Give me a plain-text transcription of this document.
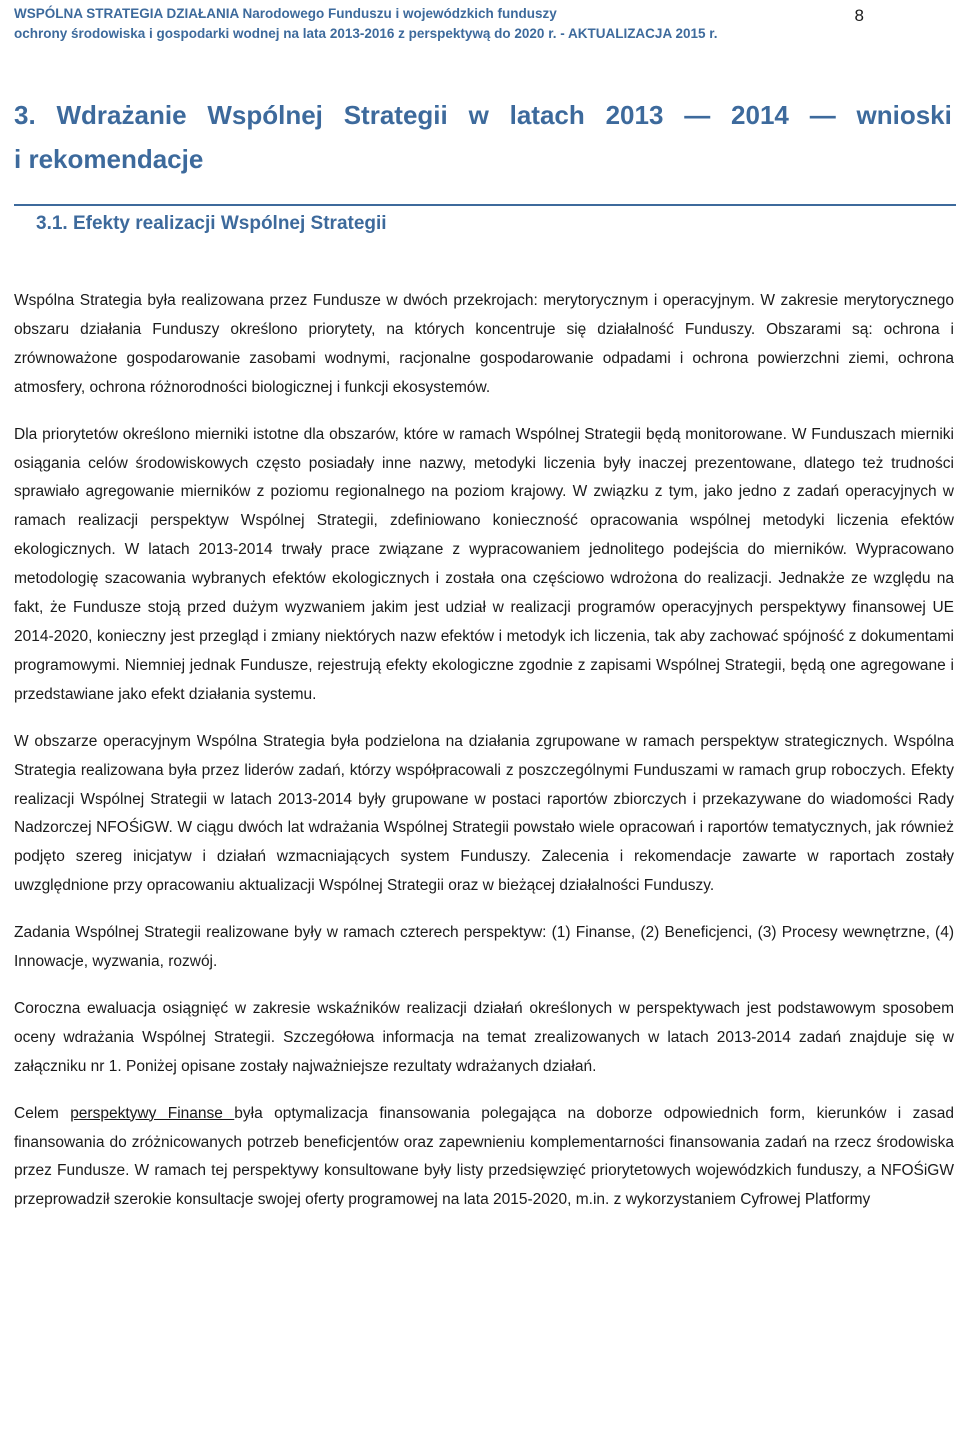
WSPÓLNA STRATEGIA DZIAŁANIA Narodowego Funduszu i wojewódzkich funduszy
ochrony środowiska i gospodarki wodnej na lata 2013-2016 z perspektywą do 2020 r. - AKTUALIZACJA 2015 r.
8
3. Wdrażanie Wspólnej Strategii w latach 2013 — 2014 — wnioski
i rekomendacje
3.1. Efekty realizacji Wspólnej Strategii

Wspólna Strategia była realizowana przez Fundusze w dwóch przekrojach: merytorycznym i operacyjnym. W zakresie merytorycznego obszaru działania Funduszy określono priorytety, na których koncentruje się działalność Funduszy. Obszarami są: ochrona i zrównoważone gospodarowanie zasobami wodnymi, racjonalne gospodarowanie odpadami i ochrona powierzchni ziemi, ochrona atmosfery, ochrona różnorodności biologicznej i funkcji ekosystemów.

Dla priorytetów określono mierniki istotne dla obszarów, które w ramach Wspólnej Strategii będą monitorowane. W Funduszach mierniki osiągania celów środowiskowych często posiadały inne nazwy, metodyki liczenia były inaczej prezentowane, dlatego też trudności sprawiało agregowanie mierników z poziomu regionalnego na poziom krajowy. W związku z tym, jako jedno z zadań operacyjnych w ramach realizacji perspektyw Wspólnej Strategii, zdefiniowano konieczność opracowania wspólnej metodyki liczenia efektów ekologicznych. W latach 2013-2014 trwały prace związane z wypracowaniem jednolitego podejścia do mierników. Wypracowano metodologię szacowania wybranych efektów ekologicznych i została ona częściowo wdrożona do realizacji. Jednakże ze względu na fakt, że Fundusze stoją przed dużym wyzwaniem jakim jest udział w realizacji programów operacyjnych perspektywy finansowej UE 2014-2020, konieczny jest przegląd i zmiany niektórych nazw efektów i metodyk ich liczenia, tak aby zachować spójność z dokumentami programowymi. Niemniej jednak Fundusze, rejestrują efekty ekologiczne zgodnie z zapisami Wspólnej Strategii, będą one agregowane i przedstawiane jako efekt działania systemu.

W obszarze operacyjnym Wspólna Strategia była podzielona na działania zgrupowane w ramach perspektyw strategicznych. Wspólna Strategia realizowana była przez liderów zadań, którzy współpracowali z poszczególnymi Funduszami w ramach grup roboczych. Efekty realizacji Wspólnej Strategii w latach 2013-2014 były grupowane w postaci raportów zbiorczych i przekazywane do wiadomości Rady Nadzorczej NFOŚiGW. W ciągu dwóch lat wdrażania Wspólnej Strategii powstało wiele opracowań i raportów tematycznych, jak również podjęto szereg inicjatyw i działań wzmacniających system Funduszy. Zalecenia i rekomendacje zawarte w raportach zostały uwzględnione przy opracowaniu aktualizacji Wspólnej Strategii oraz w bieżącej działalności Funduszy.

Zadania Wspólnej Strategii realizowane były w ramach czterech perspektyw: (1) Finanse, (2) Beneficjenci, (3) Procesy wewnętrzne, (4) Innowacje, wyzwania, rozwój.

Coroczna ewaluacja osiągnięć w zakresie wskaźników realizacji działań określonych w perspektywach jest podstawowym sposobem oceny wdrażania Wspólnej Strategii. Szczegółowa informacja na temat zrealizowanych w latach 2013-2014 zadań znajduje się w załączniku nr 1. Poniżej opisane zostały najważniejsze rezultaty wdrażanych działań.

Celem perspektywy Finanse była optymalizacja finansowania polegająca na doborze odpowiednich form, kierunków i zasad finansowania do zróżnicowanych potrzeb beneficjentów oraz zapewnieniu komplementarności finansowania zadań na rzecz środowiska przez Fundusze. W ramach tej perspektywy konsultowane były listy przedsięwzięć priorytetowych wojewódzkich funduszy, a NFOŚiGW przeprowadził szerokie konsultacje swojej oferty programowej na lata 2015-2020, m.in. z wykorzystaniem Cyfrowej Platformy
